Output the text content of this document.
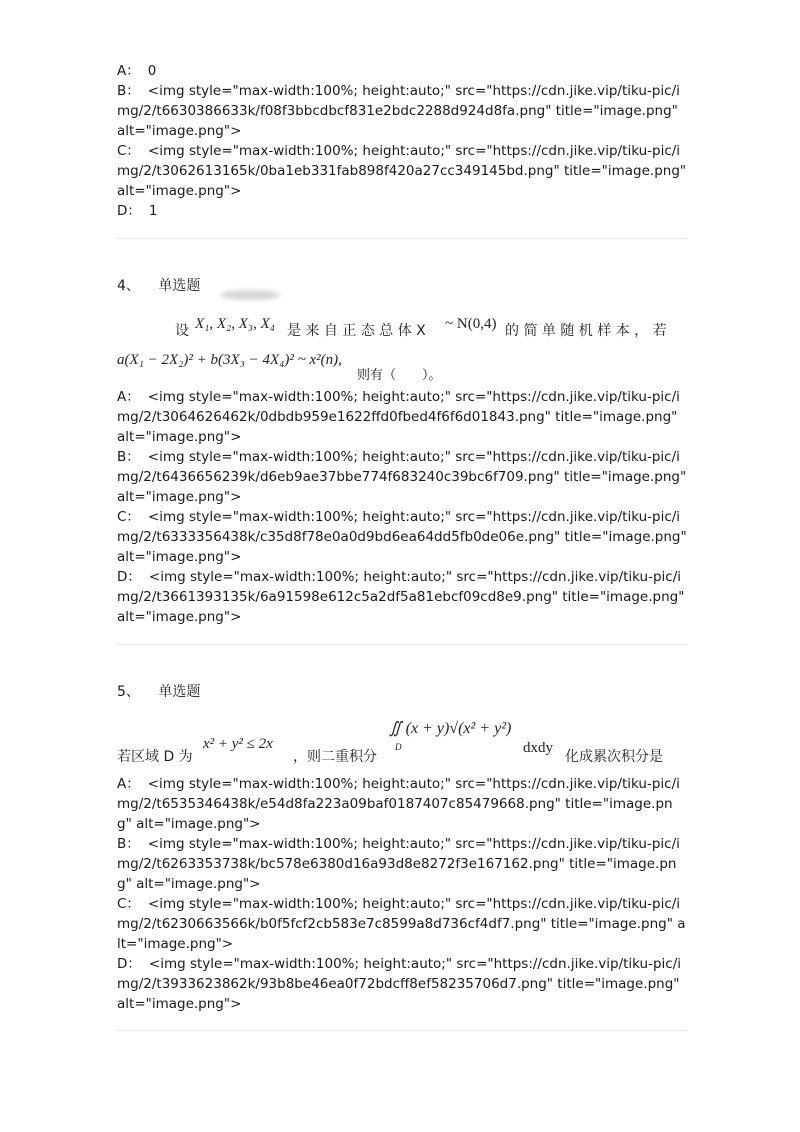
A： 0
B： <img style="max-width:100%; height:auto;" src="https://cdn.jike.vip/tiku-pic/img/2/t6630386633k/f08f3bbcdbcf831e2bdc2288d924d8fa.png" title="image.png" alt="image.png">
C： <img style="max-width:100%; height:auto;" src="https://cdn.jike.vip/tiku-pic/img/2/t3062613165k/0ba1eb331fab898f420a27cc349145bd.png" title="image.png" alt="image.png">
D： 1
4、 单选题
设 X₁, X₂, X₃, X₄ 是 来 自 正 态 总 体 X ~ N(0,4) 的 简 单 随 机 样 本 ， 若
a(X₁ − 2X₂)² + b(3X₃ − 4X₄)² ~ x²(n),
则有（　　）。
A： <img style="max-width:100%; height:auto;" src="https://cdn.jike.vip/tiku-pic/img/2/t3064626462k/0dbdb959e1622ffd0fbed4f6f6d01843.png" title="image.png" alt="image.png">
B： <img style="max-width:100%; height:auto;" src="https://cdn.jike.vip/tiku-pic/img/2/t6436656239k/d6eb9ae37bbe774f683240c39bc6f709.png" title="image.png" alt="image.png">
C： <img style="max-width:100%; height:auto;" src="https://cdn.jike.vip/tiku-pic/img/2/t6333356438k/c35d8f78e0a0d9bd6ea64dd5fb0de06e.png" title="image.png" alt="image.png">
D： <img style="max-width:100%; height:auto;" src="https://cdn.jike.vip/tiku-pic/img/2/t3661393135k/6a91598e612c5a2df5a81ebcf09cd8e9.png" title="image.png" alt="image.png">
5、 单选题
若区域 D 为
x² + y² ≤ 2x
，则二重积分
∬ (x + y)√(x² + y²)
D	dxdy
化成累次积分是
A： <img style="max-width:100%; height:auto;" src="https://cdn.jike.vip/tiku-pic/img/2/t6535346438k/e54d8fa223a09baf0187407c85479668.png" title="image.png" alt="image.png">
B： <img style="max-width:100%; height:auto;" src="https://cdn.jike.vip/tiku-pic/img/2/t6263353738k/bc578e6380d16a93d8e8272f3e167162.png" title="image.png" alt="image.png">
C： <img style="max-width:100%; height:auto;" src="https://cdn.jike.vip/tiku-pic/img/2/t6230663566k/b0f5fcf2cb583e7c8599a8d736cf4df7.png" title="image.png" alt="image.png">
D： <img style="max-width:100%; height:auto;" src="https://cdn.jike.vip/tiku-pic/img/2/t3933623862k/93b8be46ea0f72bdcff8ef58235706d7.png" title="image.png" alt="image.png">
